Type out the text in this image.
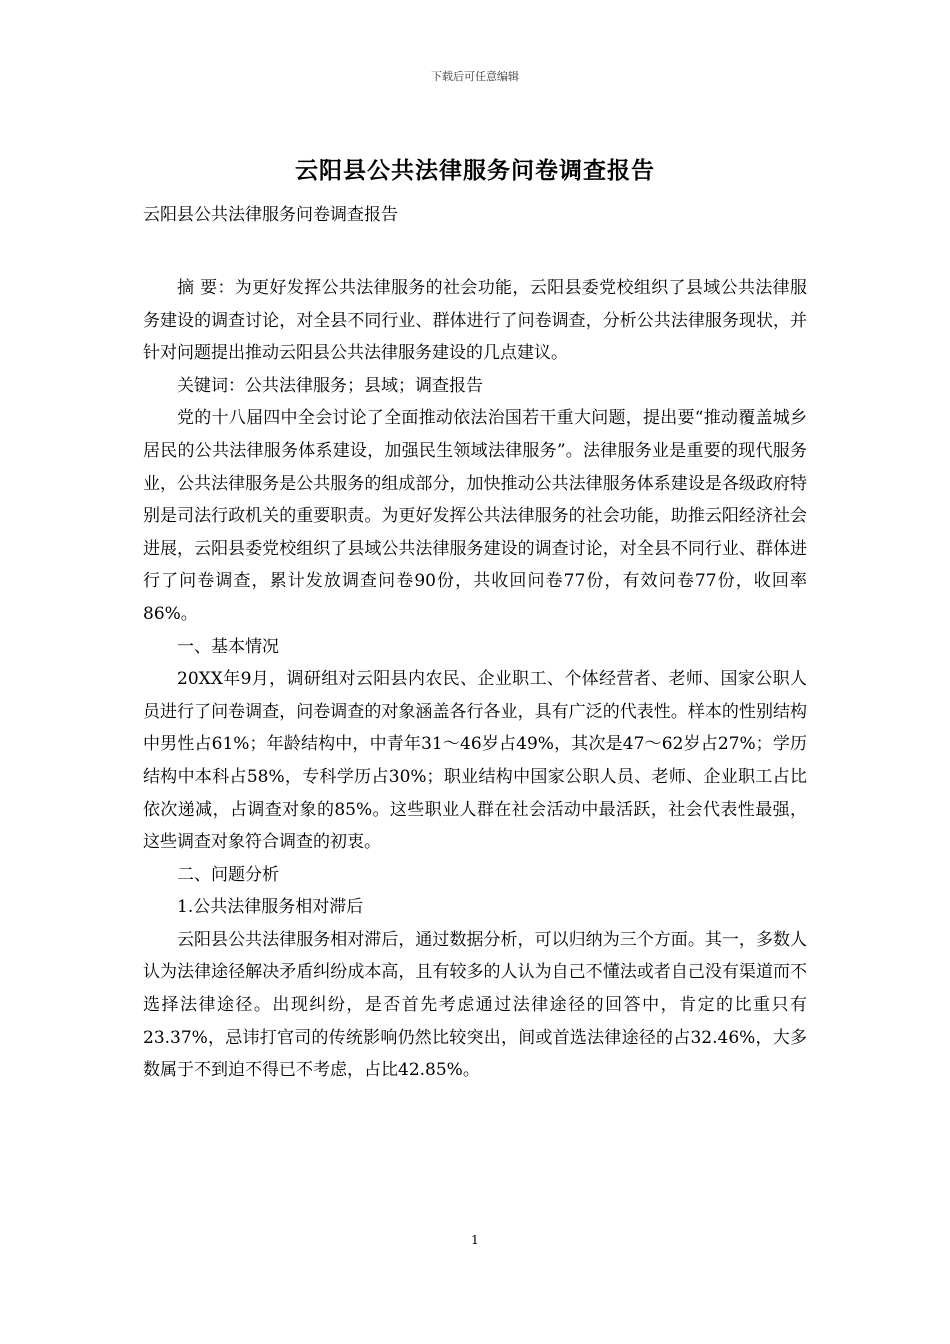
下载后可任意编辑
云阳县公共法律服务问卷调查报告
云阳县公共法律服务问卷调查报告

摘 要：为更好发挥公共法律服务的社会功能，云阳县委党校组织了县域公共法律服务建设的调查讨论，对全县不同行业、群体进行了问卷调查，分析公共法律服务现状，并针对问题提出推动云阳县公共法律服务建设的几点建议。

关键词：公共法律服务；县域；调查报告

党的十八届四中全会讨论了全面推动依法治国若干重大问题，提出要“推动覆盖城乡居民的公共法律服务体系建设，加强民生领域法律服务”。法律服务业是重要的现代服务业，公共法律服务是公共服务的组成部分，加快推动公共法律服务体系建设是各级政府特别是司法行政机关的重要职责。为更好发挥公共法律服务的社会功能，助推云阳经济社会进展，云阳县委党校组织了县域公共法律服务建设的调查讨论，对全县不同行业、群体进行了问卷调查，累计发放调查问卷90份，共收回问卷77份，有效问卷77份，收回率86%。

一、基本情况

20XX年9月，调研组对云阳县内农民、企业职工、个体经营者、老师、国家公职人员进行了问卷调查，问卷调查的对象涵盖各行各业，具有广泛的代表性。样本的性别结构中男性占61%；年龄结构中，中青年31～46岁占49%，其次是47～62岁占27%；学历结构中本科占58%，专科学历占30%；职业结构中国家公职人员、老师、企业职工占比依次递减，占调查对象的85%。这些职业人群在社会活动中最活跃，社会代表性最强，这些调查对象符合调查的初衷。

二、问题分析

1.公共法律服务相对滞后

云阳县公共法律服务相对滞后，通过数据分析，可以归纳为三个方面。其一，多数人认为法律途径解决矛盾纠纷成本高，且有较多的人认为自己不懂法或者自己没有渠道而不选择法律途径。出现纠纷，是否首先考虑通过法律途径的回答中，肯定的比重只有23.37%，忌讳打官司的传统影响仍然比较突出，间或首选法律途径的占32.46%，大多数属于不到迫不得已不考虑，占比42.85%。

1
